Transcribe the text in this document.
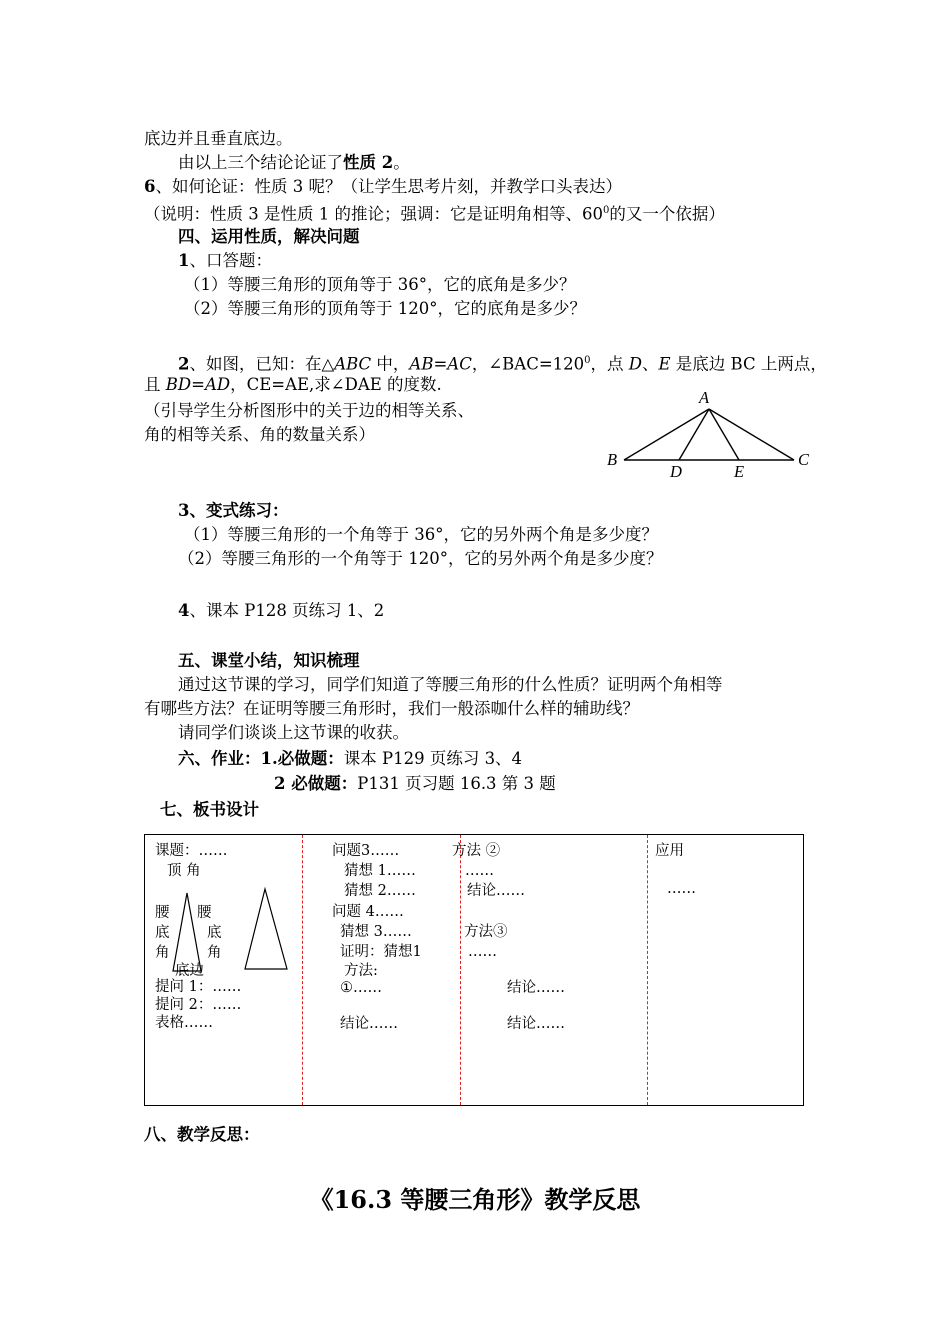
底边并且垂直底边。
由以上三个结论论证了性质 2。
6、如何论证：性质 3 呢？（让学生思考片刻，并教学口头表达）
（说明：性质 3 是性质 1 的推论；强调：它是证明角相等、$60^0$的又一个依据）
四、运用性质，解决问题
1、口答题：
（1）等腰三角形的顶角等于 36°，它的底角是多少？
（2）等腰三角形的顶角等于 120°，它的底角是多少？
2、如图，已知：在△ABC 中，AB=AC，$\angle BAC=120^0$，点 D、E 是底边 BC 上两点，
且 BD=AD，CE=AE,求∠DAE 的度数.
（引导学生分析图形中的关于边的相等关系、
角的相等关系、角的数量关系）
A
B	C
D	E
3、变式练习：
（1）等腰三角形的一个角等于 36°，它的另外两个角是多少度？
（2）等腰三角形的一个角等于 120°，它的另外两个角是多少度？
4、课本 P128 页练习 1、2
五、课堂小结，知识梳理
通过这节课的学习，同学们知道了等腰三角形的什么性质？证明两个角相等
有哪些方法？在证明等腰三角形时，我们一般添咖什么样的辅助线？
请同学们谈谈上这节课的收获。
六、作业：1.必做题：课本 P129 页练习 3、4
2 必做题：P131 页习题 16.3 第 3 题
七、板书设计
课题：……
顶 角
腰 腰
底	底
角	角
底边
提问 1：……
提问 2：……
表格……
问题3……
猜想 1……
猜想 2……
问题 4……
猜想 3……
证明：猜想1
方法:
①……
结论……
方法 ②
……
结论……
方法③
……
结论……
结论……
应用
……
八、教学反思：
《16.3 等腰三角形》教学反思
